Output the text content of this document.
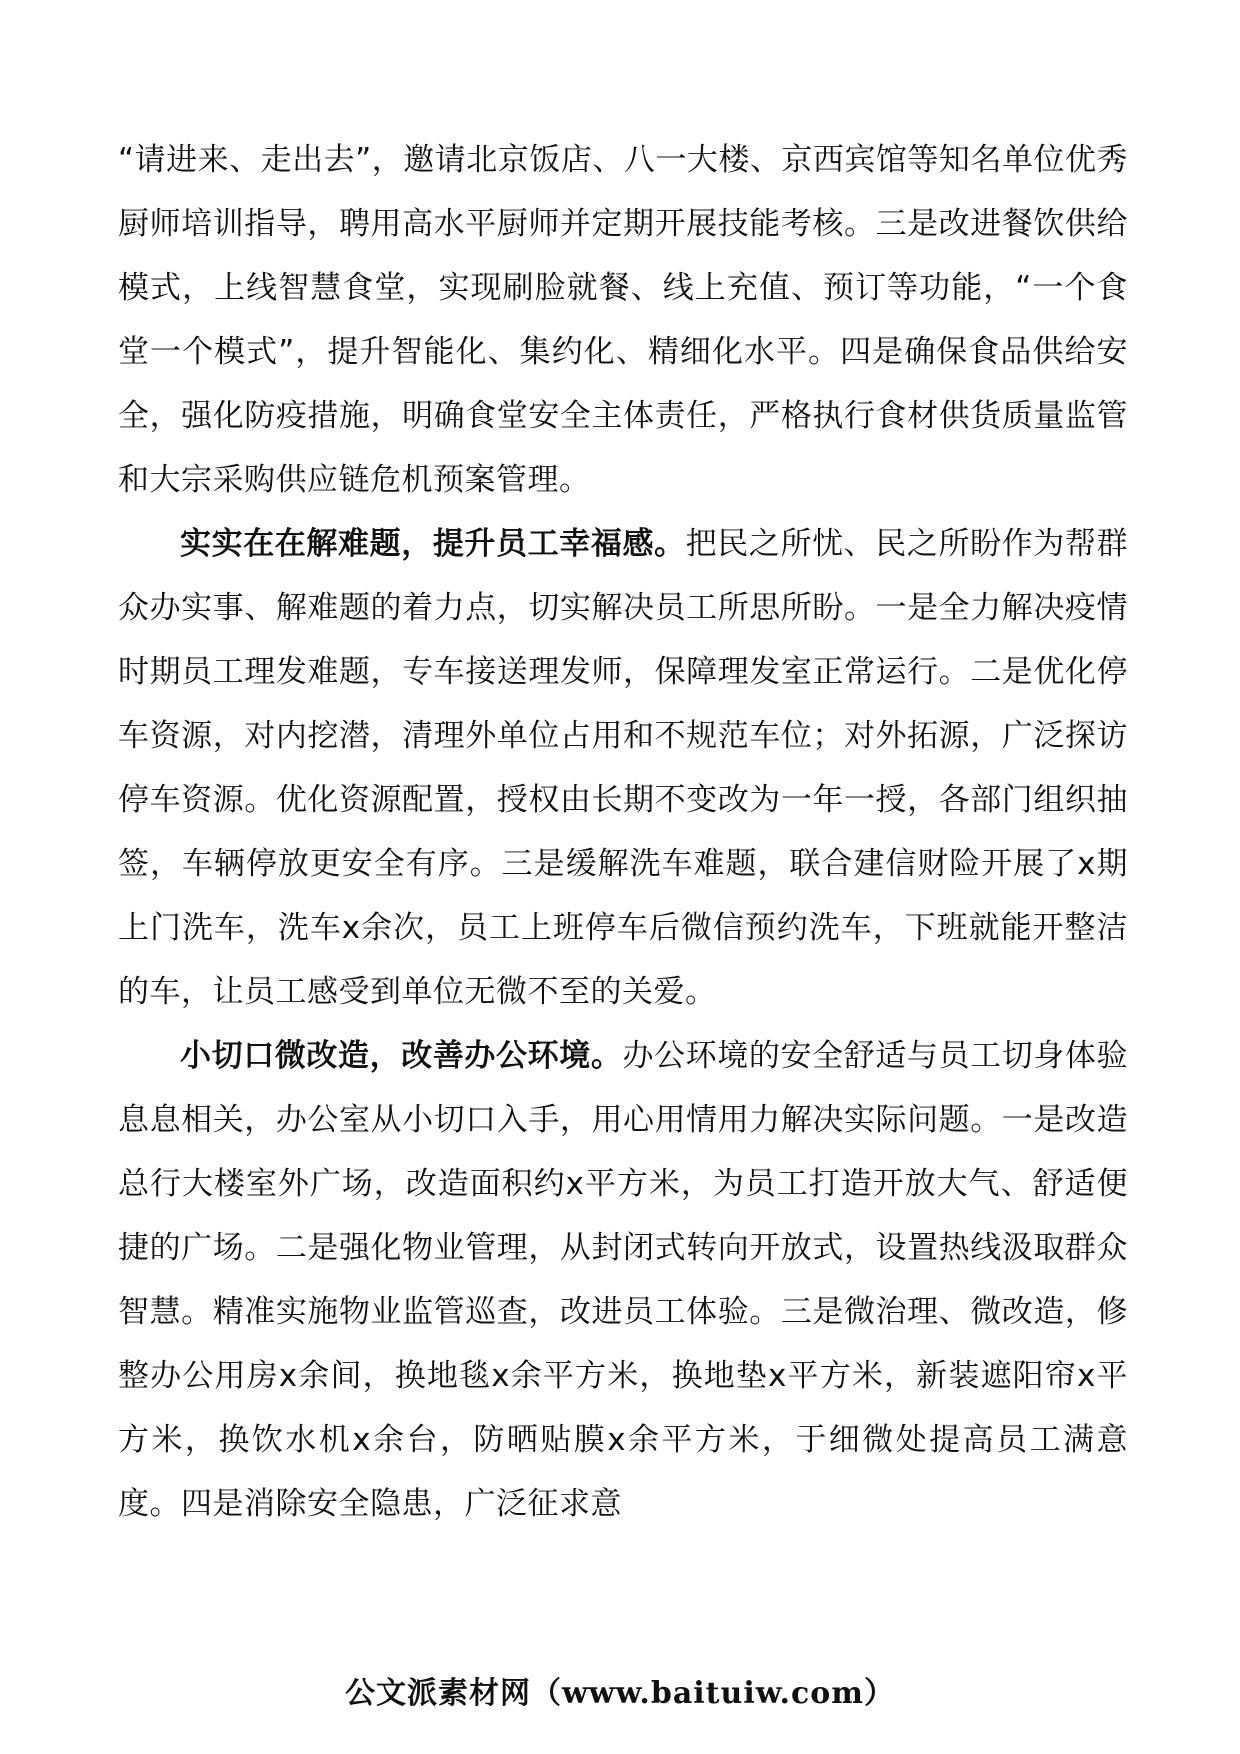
“请进来、走出去”，邀请北京饭店、八一大楼、京西宾馆等知名单位优秀厨师培训指导，聘用高水平厨师并定期开展技能考核。三是改进餐饮供给模式，上线智慧食堂，实现刷脸就餐、线上充值、预订等功能，“一个食堂一个模式”，提升智能化、集约化、精细化水平。四是确保食品供给安全，强化防疫措施，明确食堂安全主体责任，严格执行食材供货质量监管和大宗采购供应链危机预案管理。

实实在在解难题，提升员工幸福感。把民之所忧、民之所盼作为帮群众办实事、解难题的着力点，切实解决员工所思所盼。一是全力解决疫情时期员工理发难题，专车接送理发师，保障理发室正常运行。二是优化停车资源，对内挖潜，清理外单位占用和不规范车位；对外拓源，广泛探访停车资源。优化资源配置，授权由长期不变改为一年一授，各部门组织抽签，车辆停放更安全有序。三是缓解洗车难题，联合建信财险开展了x期上门洗车，洗车x余次，员工上班停车后微信预约洗车，下班就能开整洁的车，让员工感受到单位无微不至的关爱。

小切口微改造，改善办公环境。办公环境的安全舒适与员工切身体验息息相关，办公室从小切口入手，用心用情用力解决实际问题。一是改造总行大楼室外广场，改造面积约x平方米，为员工打造开放大气、舒适便捷的广场。二是强化物业管理，从封闭式转向开放式，设置热线汲取群众智慧。精准实施物业监管巡查，改进员工体验。三是微治理、微改造，修整办公用房x余间，换地毯x余平方米，换地垫x平方米，新装遮阳帘x平方米，换饮水机x余台，防晒贴膜x余平方米，于细微处提高员工满意度。四是消除安全隐患，广泛征求意

公文派素材网（www.baituiw.com）
